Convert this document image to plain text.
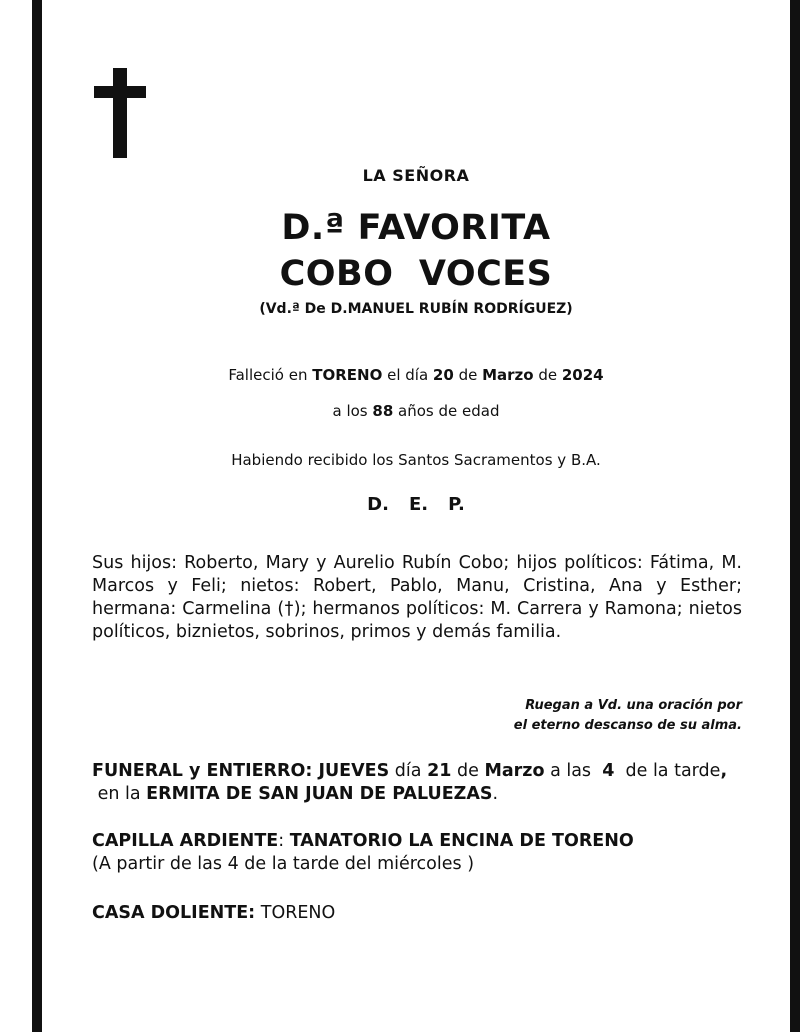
LA SEÑORA
D.ª FAVORITA
COBO  VOCES
(Vd.ª De D.MANUEL RUBÍN RODRÍGUEZ)
Falleció en TORENO el día 20 de Marzo de 2024
a los 88 años de edad
Habiendo recibido los Santos Sacramentos y B.A.
D. E. P.
Sus hijos: Roberto, Mary y Aurelio Rubín Cobo; hijos políticos: Fátima, M. Marcos y Feli; nietos: Robert, Pablo, Manu, Cristina, Ana y Esther; hermana: Carmelina (†); hermanos políticos: M. Carrera y Ramona; nietos políticos, biznietos, sobrinos, primos y demás familia.
Ruegan a Vd. una oración por
el eterno descanso de su alma.
FUNERAL y ENTIERRO: JUEVES día 21 de Marzo a las  4  de la tarde, en la ERMITA DE SAN JUAN DE PALUEZAS.
CAPILLA ARDIENTE: TANATORIO LA ENCINA DE TORENO
(A partir de las 4 de la tarde del miércoles )
CASA DOLIENTE: TORENO
